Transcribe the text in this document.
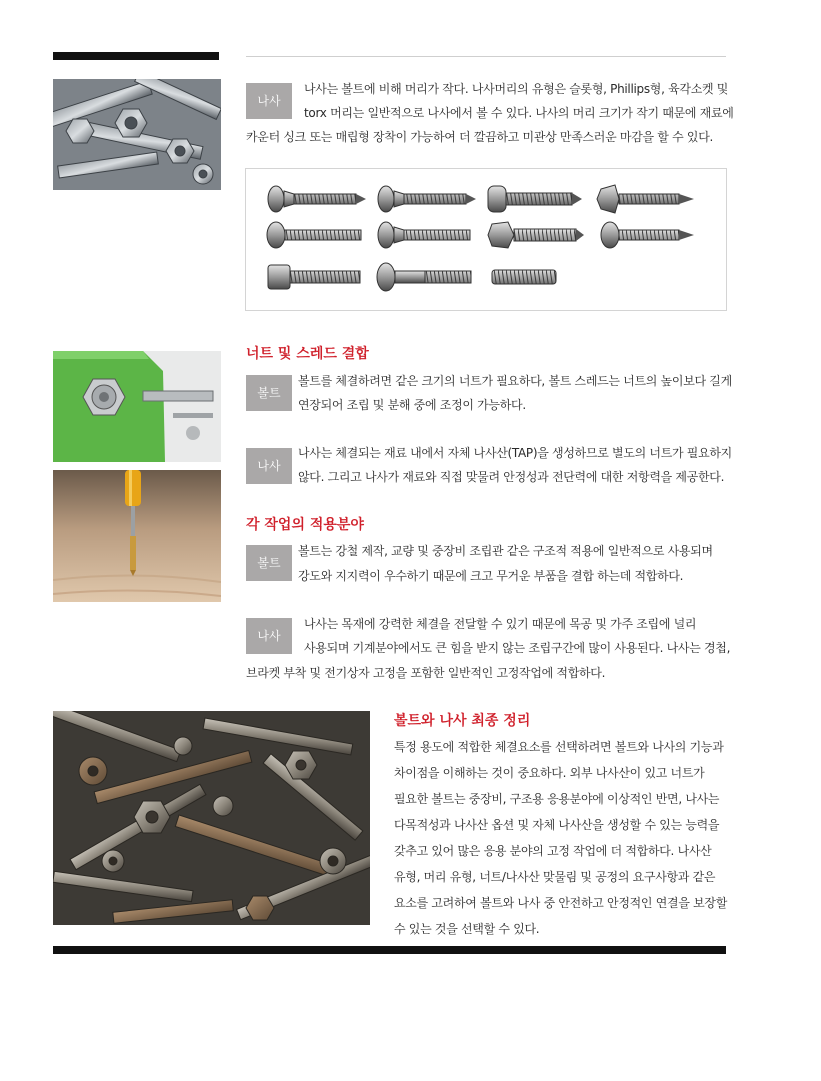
나사
나사는 볼트에 비해 머리가 작다. 나사머리의 유형은 슬롯형, Phillips형, 육각소켓 및
torx 머리는 일반적으로 나사에서 볼 수 있다. 나사의 머리 크기가 작기 때문에 재료에
카운터 싱크 또는 매립형 장착이 가능하여 더 깔끔하고 미관상 만족스러운 마감을 할 수 있다.
너트 및 스레드 결합
볼트
볼트를 체결하려면 같은 크기의 너트가 필요하다, 볼트 스레드는 너트의 높이보다 길게
연장되어 조립 및 분해 중에 조정이 가능하다.
나사
나사는 체결되는 재료 내에서 자체 나사산(TAP)을 생성하므로 별도의 너트가 필요하지
않다. 그리고 나사가 재료와 직접 맞물려 안정성과 전단력에 대한 저항력을 제공한다.
각 작업의 적용분야
볼트
볼트는 강철 제작, 교량 및 중장비 조립관 같은 구조적 적용에 일반적으로 사용되며
강도와 지지력이 우수하기 때문에 크고 무거운 부품을 결합 하는데 적합하다.
나사
나사는 목재에 강력한 체결을 전달할 수 있기 때문에 목공 및 가주 조립에 널리
사용되며 기계분야에서도 큰 힘을 받지 않는 조립구간에 많이 사용된다. 나사는 경첩,
브라켓 부착 및 전기상자 고정을 포함한 일반적인 고정작업에 적합하다.
볼트와 나사 최종 정리
특정 용도에 적합한 체결요소를 선택하려면 볼트와 나사의 기능과
차이점을 이해하는 것이 중요하다. 외부 나사산이 있고 너트가
필요한 볼트는 중장비, 구조용 응용분야에 이상적인 반면, 나사는
다목적성과 나사산 옵션 및 자체 나사산을 생성할 수 있는 능력을
갖추고 있어 많은 응용 분야의 고정 작업에 더 적합하다. 나사산
유형, 머리 유형, 너트/나사산 맞물림 및 공정의 요구사항과 같은
요소를 고려하여 볼트와 나사 중 안전하고 안정적인 연결을 보장할
수 있는 것을 선택할 수 있다.
